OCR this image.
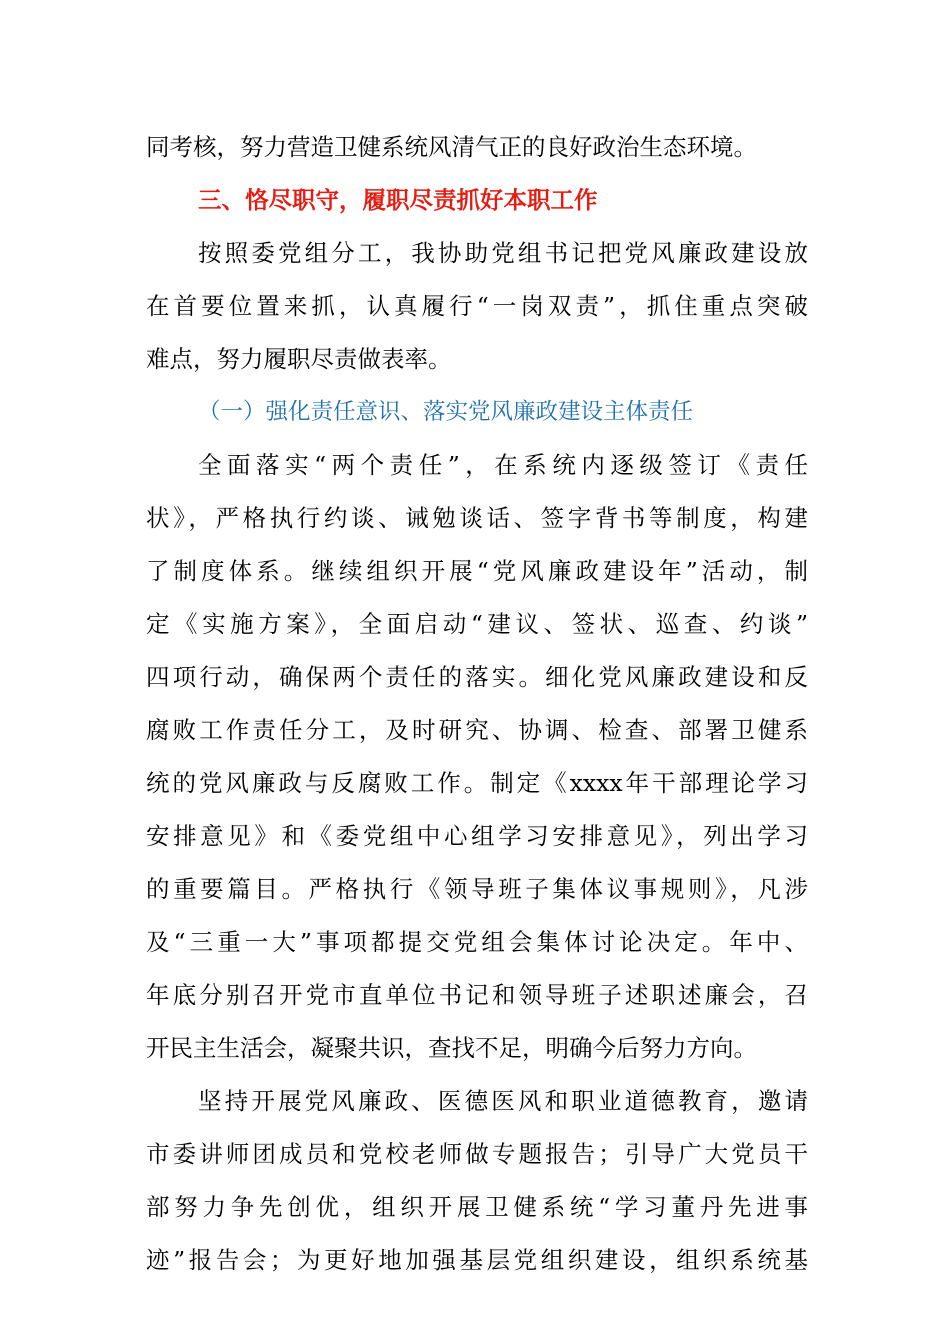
同考核，努力营造卫健系统风清气正的良好政治生态环境。
三、恪尽职守，履职尽责抓好本职工作
按照委党组分工，我协助党组书记把党风廉政建设放
在首要位置来抓，认真履行“一岗双责”，抓住重点突破
难点，努力履职尽责做表率。
（一）强化责任意识、落实党风廉政建设主体责任
全面落实“两个责任”，在系统内逐级签订《责任
状》，严格执行约谈、诫勉谈话、签字背书等制度，构建
了制度体系。继续组织开展“党风廉政建设年”活动，制
定《实施方案》，全面启动“建议、签状、巡查、约谈”
四项行动，确保两个责任的落实。细化党风廉政建设和反
腐败工作责任分工，及时研究、协调、检查、部署卫健系
统的党风廉政与反腐败工作。制定《xxxx年干部理论学习
安排意见》和《委党组中心组学习安排意见》，列出学习
的重要篇目。严格执行《领导班子集体议事规则》，凡涉
及“三重一大”事项都提交党组会集体讨论决定。年中、
年底分别召开党市直单位书记和领导班子述职述廉会，召
开民主生活会，凝聚共识，查找不足，明确今后努力方向。
坚持开展党风廉政、医德医风和职业道德教育，邀请
市委讲师团成员和党校老师做专题报告；引导广大党员干
部努力争先创优，组织开展卫健系统“学习董丹先进事
迹”报告会；为更好地加强基层党组织建设，组织系统基
